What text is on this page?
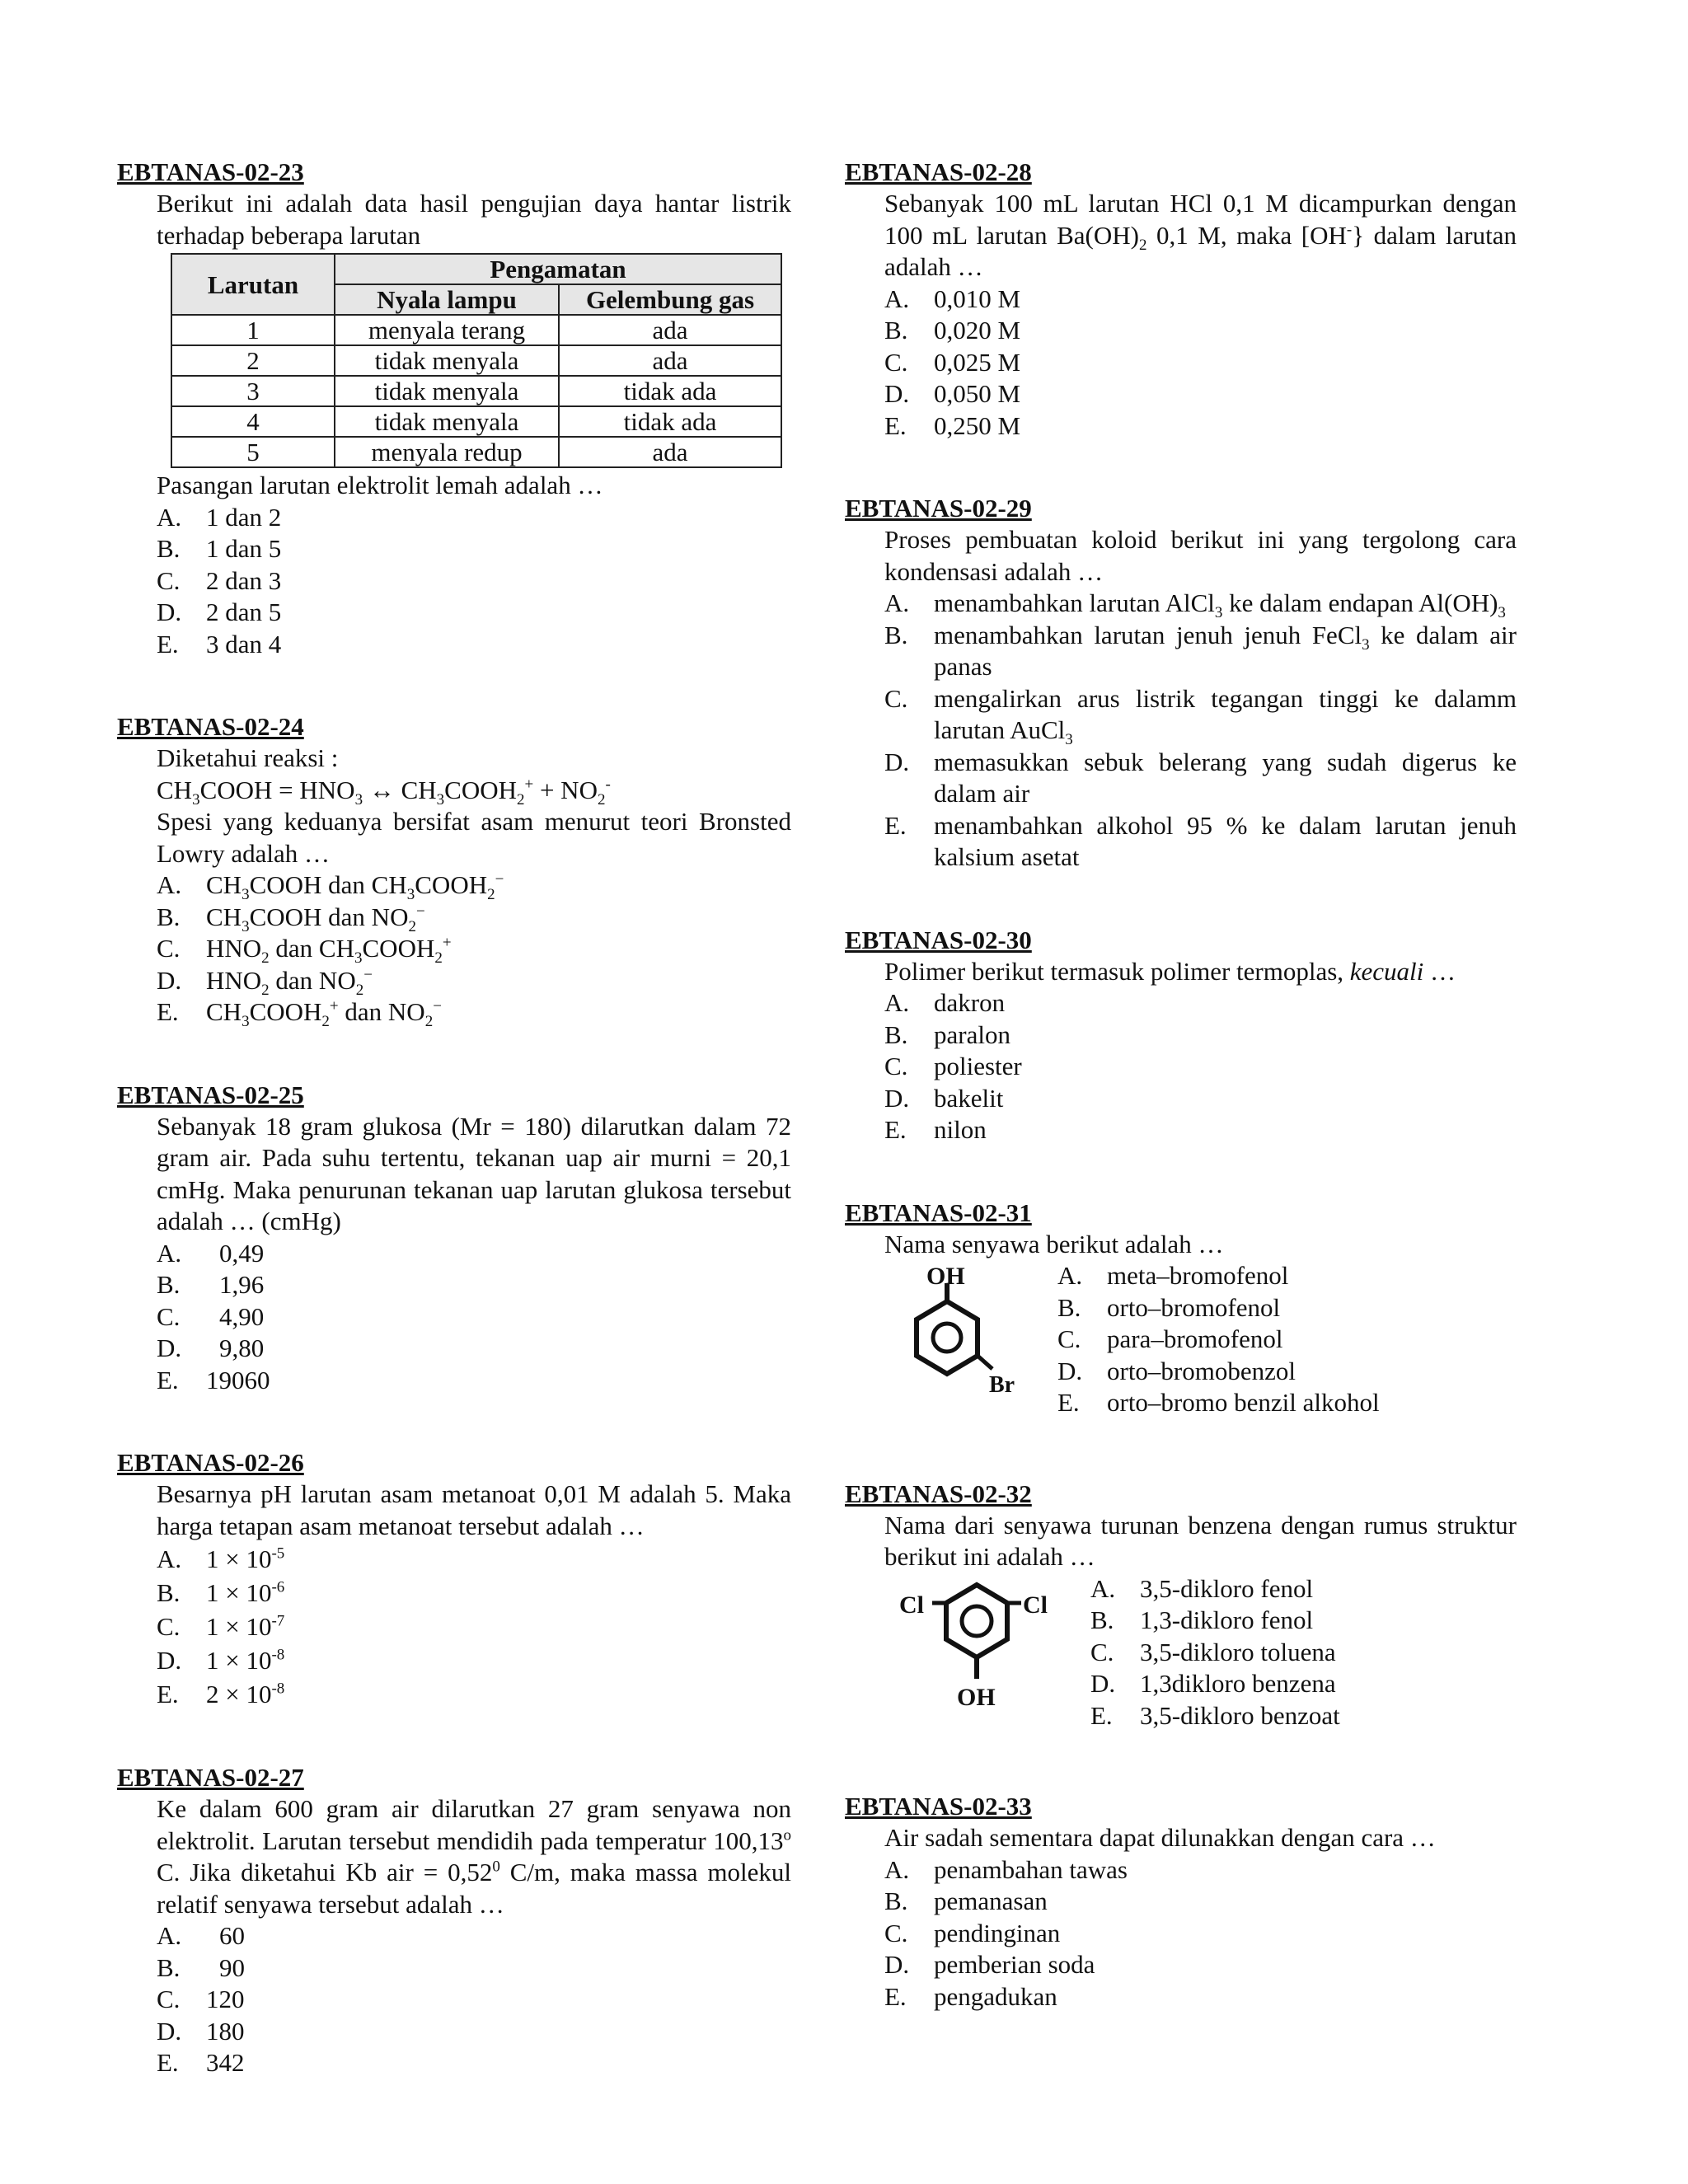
EBTANAS-02-23
Berikut ini adalah data hasil pengujian daya hantar listrik terhadap beberapa larutan
Larutan	Pengamatan	
	Nyala lampu	Gelembung gas
1	menyala terang	ada
2	tidak menyala	ada
3	tidak menyala	tidak ada
4	tidak menyala	tidak ada
5	menyala redup	ada
Pasangan larutan elektrolit lemah adalah …
A. 1 dan 2
B.	1 dan 5
C.	2 dan 3
D. 2 dan 5
E.	3 dan 4
EBTANAS-02-24
Diketahui reaksi :
$CH_3COOH = HNO_3$ ↔ $CH_3COOH_2^+ + NO_2^-$
Spesi yang keduanya bersifat asam menurut teori Bronsted Lowry adalah …
A. $CH_3COOH$ dan $CH_3COOH_2^-$
B.	$CH_3COOH$ dan $NO_2^-$
C.	$HNO_2$ dan $CH_3COOH_2^+$
D. $HNO_2$ dan $NO_2^-$
E.	$CH_3COOH_2^+$ dan $NO_2^-$
EBTANAS-02-25
Sebanyak 18 gram glukosa (Mr = 180) dilarutkan dalam 72 gram air. Pada suhu tertentu, tekanan uap air murni = 20,1 cmHg. Maka penurunan tekanan uap larutan glukosa tersebut adalah … (cmHg)
A.	0,49
B.	1,96
C.	4,90
D.	9,80
E.	19060
EBTANAS-02-26
Besarnya pH larutan asam metanoat 0,01 M adalah 5. Maka harga tetapan asam metanoat tersebut adalah …
A. $1 \times 10^{-5}$
B.	$1 \times 10^{-6}$
C.	$1 \times 10^{-7}$
D. $1 \times 10^{-8}$
E.	$2 \times 10^{-8}$
EBTANAS-02-27
Ke dalam 600 gram air dilarutkan 27 gram senyawa non elektrolit. Larutan tersebut mendidih pada temperatur 100,13$^o$ C. Jika diketahui Kb air = $0,52^0$ C/m, maka massa molekul relatif senyawa tersebut adalah …
A.	60
B.	90
C.	120
D. 180
E.	342
EBTANAS-02-28
Sebanyak 100 mL larutan HCl 0,1 M dicampurkan dengan 100 mL larutan $Ba(OH)_2$ 0,1 M, maka [OH-} dalam larutan adalah …
A. 0,010 M
B.	0,020 M
C.	0,025 M
D. 0,050 M
E.	0,250 M
EBTANAS-02-29
Proses pembuatan koloid berikut ini yang tergolong cara kondensasi adalah …
A. menambahkan larutan AlCl$_3$ ke dalam endapan $Al(OH)_3$
B.	menambahkan larutan jenuh jenuh FeCl$_3$ ke dalam air panas
C.	mengalirkan arus listrik tegangan tinggi ke dalamm larutan AuCl$_3$
D. memasukkan sebuk belerang yang sudah digerus ke dalam air
E.	menambahkan alkohol 95 % ke dalam larutan jenuh kalsium asetat
EBTANAS-02-30
Polimer berikut termasuk polimer termoplas, kecuali …
A. dakron
B.	paralon
C.	poliester
D. bakelit
E.	nilon
EBTANAS-02-31
Nama senyawa berikut adalah …
OH
Br
A. meta–bromofenol
B.	orto–bromofenol
C.	para–bromofenol
D. orto–bromobenzol
E.	orto–bromo benzil alkohol
EBTANAS-02-32
Nama dari senyawa turunan benzena dengan rumus struktur berikut ini adalah …
Cl	Cl
OH
A. 3,5-dikloro fenol
B.	1,3-dikloro fenol
C.	3,5-dikloro toluena
D. 1,3dikloro benzena
E.	3,5-dikloro benzoat
EBTANAS-02-33
Air sadah sementara dapat dilunakkan dengan cara …
A. penambahan tawas
B.	pemanasan
C.	pendinginan
D. pemberian soda
E.	pengadukan
